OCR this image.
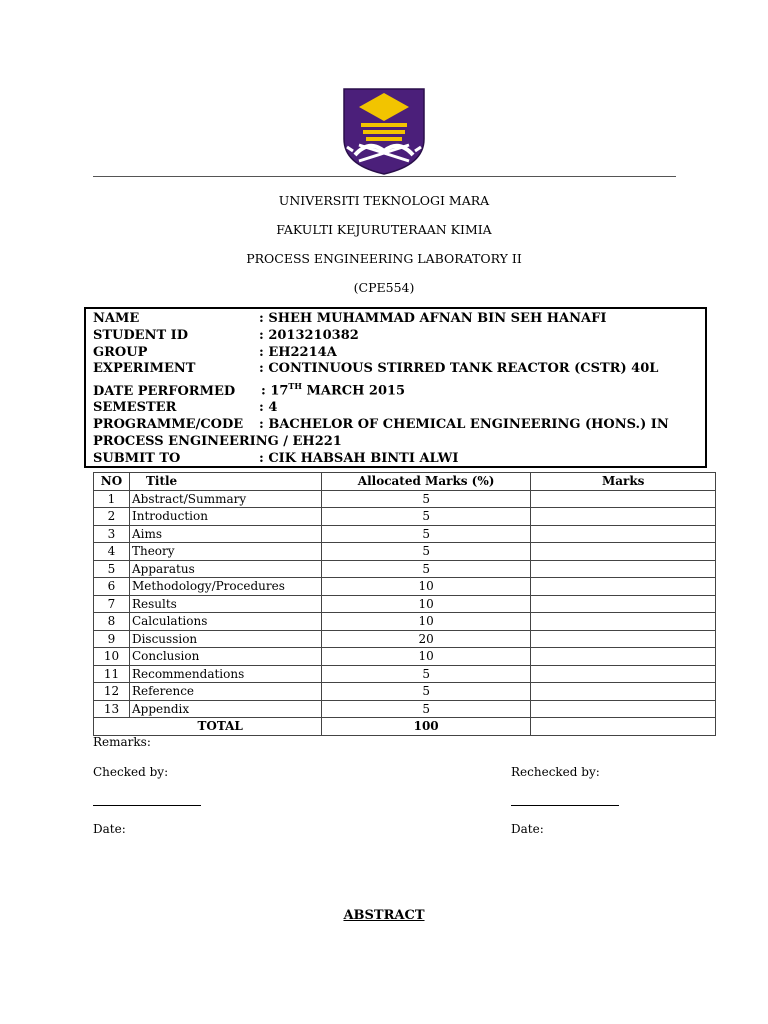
UNIVERSITI TEKNOLOGI MARA
FAKULTI KEJURUTERAAN KIMIA
PROCESS ENGINEERING LABORATORY II
(CPE554)
NAME	: SHEH MUHAMMAD AFNAN BIN SEH HANAFI
STUDENT ID	: 2013210382
GROUP	: EH2214A
EXPERIMENT	: CONTINUOUS STIRRED TANK REACTOR (CSTR) 40L
DATE PERFORMED : 17TH MARCH 2015
SEMESTER	: 4
PROGRAMME/CODE : BACHELOR OF CHEMICAL ENGINEERING (HONS.) IN
PROCESS ENGINEERING / EH221
SUBMIT TO	: CIK HABSAH BINTI ALWI
NO	Title	Allocated Marks (%)	Marks
1	Abstract/Summary	5	
2	Introduction	5	
3	Aims	5	
4	Theory	5	
5	Apparatus	5	
6	Methodology/Procedures	10	
7	Results	10	
8	Calculations	10	
9	Discussion	20	
10	Conclusion	10	
11	Recommendations	5	
12	Reference	5	
13	Appendix	5	
	TOTAL	100	
Remarks:
Checked by:	Rechecked by:
Date:	Date:
ABSTRACT
